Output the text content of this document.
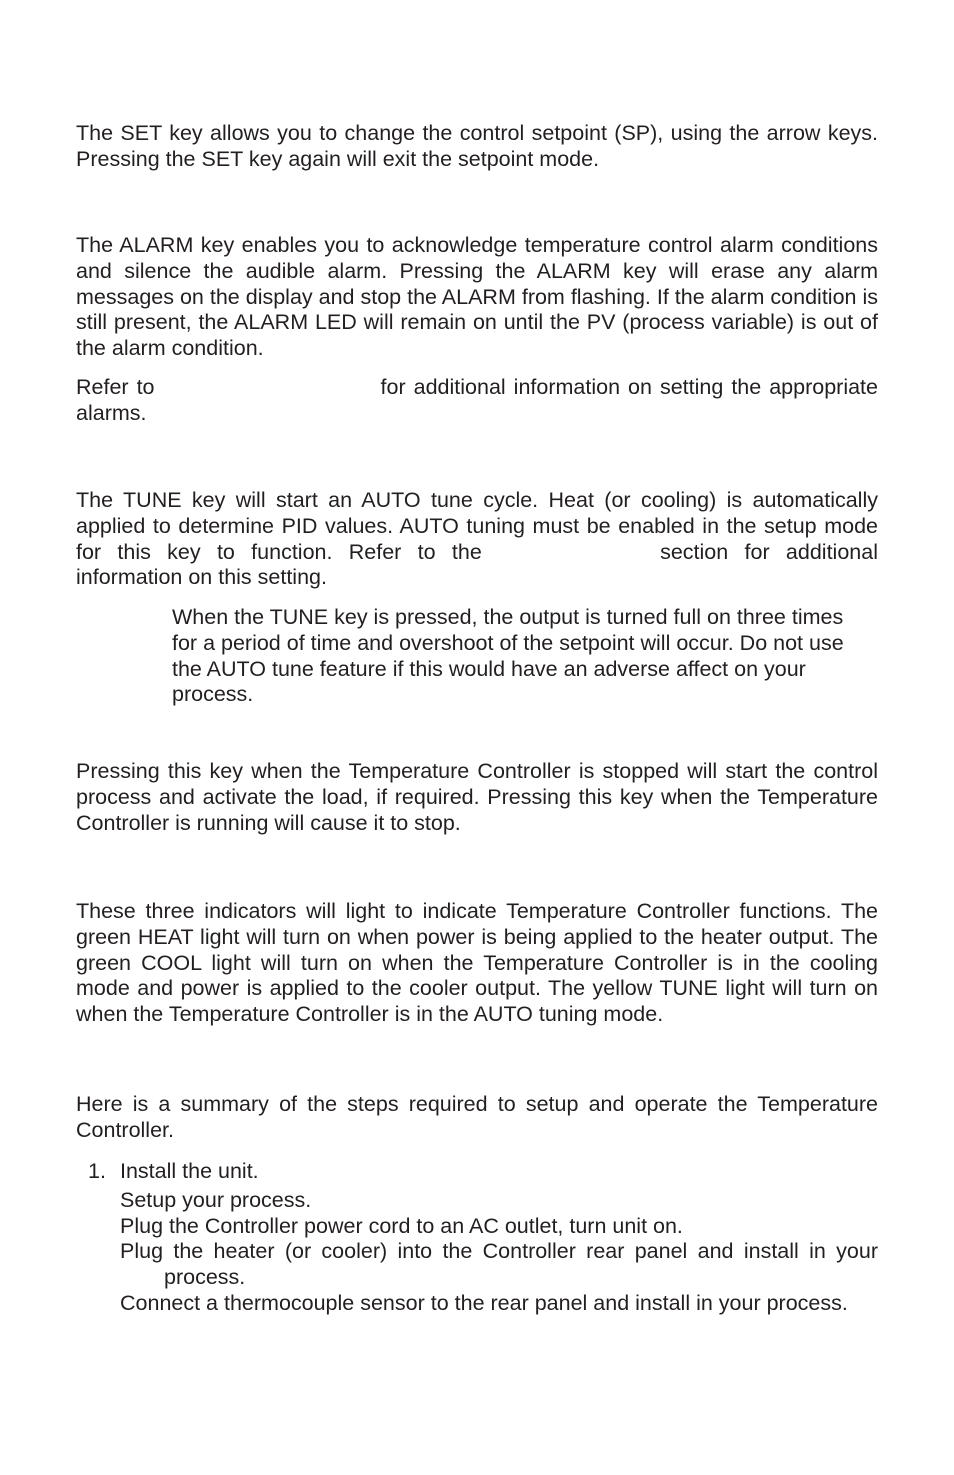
The SET key allows you to change the control setpoint (SP), using the arrow keys. Pressing the SET key again will exit the setpoint mode.

The ALARM key enables you to acknowledge temperature control alarm conditions and silence the audible alarm. Pressing the ALARM key will erase any alarm messages on the display and stop the ALARM from flashing. If the alarm condition is still present, the ALARM LED will remain on until the PV (process variable) is out of the alarm condition.

Refer to	for additional information on setting the appropriate alarms.

The TUNE key will start an AUTO tune cycle. Heat (or cooling) is automatically applied to determine PID values. AUTO tuning must be enabled in the setup mode for this key to function. Refer to the	section for additional information on this setting.

When the TUNE key is pressed, the output is turned full on three times for a period of time and overshoot of the setpoint will occur. Do not use the AUTO tune feature if this would have an adverse affect on your process.

Pressing this key when the Temperature Controller is stopped will start the control process and activate the load, if required. Pressing this key when the Temperature Controller is running will cause it to stop.

These three indicators will light to indicate Temperature Controller functions. The green HEAT light will turn on when power is being applied to the heater output. The green COOL light will turn on when the Temperature Controller is in the cooling mode and power is applied to the cooler output. The yellow TUNE light will turn on when the Temperature Controller is in the AUTO tuning mode.

Here is a summary of the steps required to setup and operate the Temperature Controller.

1. Install the unit.
Setup your process.
Plug the Controller power cord to an AC outlet, turn unit on.
Plug the heater (or cooler) into the Controller rear panel and install in your process.
Connect a thermocouple sensor to the rear panel and install in your process.
